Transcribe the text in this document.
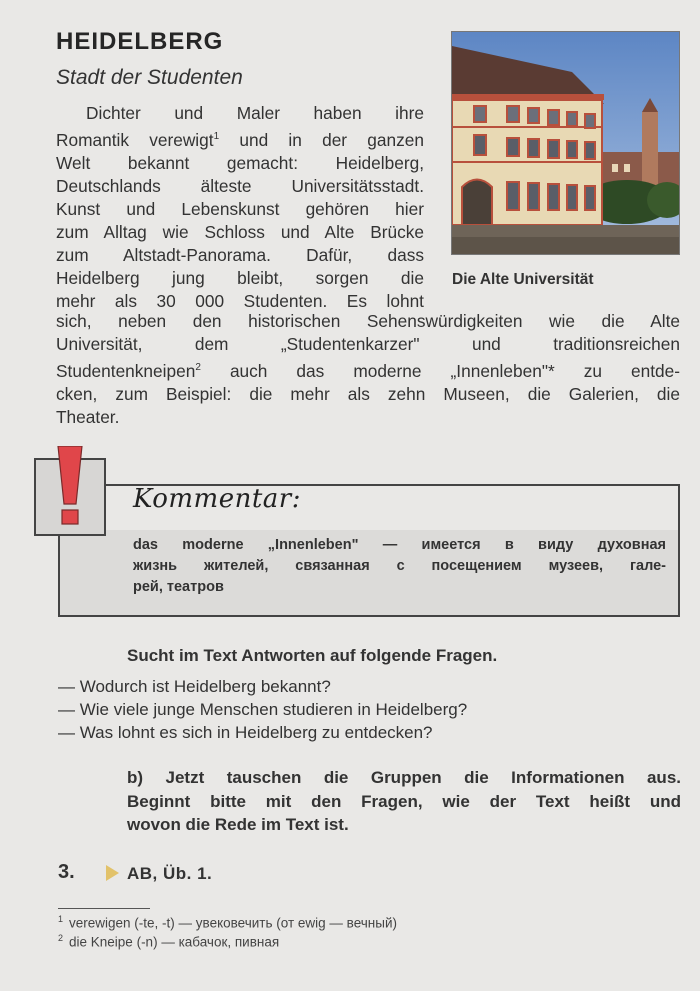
HEIDELBERG
Stadt der Studenten
Dichter und Maler haben ihre
Romantik verewigt$^1$ und in der ganzen
Welt bekannt gemacht: Heidelberg,
Deutschlands älteste Universitätsstadt.
Kunst und Lebenskunst gehören hier
zum Alltag wie Schloss und Alte Brücke
zum Altstadt-Panorama. Dafür, dass
Heidelberg jung bleibt, sorgen die
mehr als 30 000 Studenten. Es lohnt
sich, neben den historischen Sehenswürdigkeiten wie die Alte
Universität, dem „Studentenkarzer" und traditionsreichen
Studentenkneipen$^2$ auch das moderne „Innenleben"* zu entde-
cken, zum Beispiel: die mehr als zehn Museen, die Galerien, die
Theater.
Die Alte Universität
Kommentar:
das moderne „Innenleben" — имеется в виду духовная
жизнь жителей, связанная с посещением музеев, гале-
рей, театров
Sucht im Text Antworten auf folgende Fragen.
— Wodurch ist Heidelberg bekannt?
— Wie viele junge Menschen studieren in Heidelberg?
— Was lohnt es sich in Heidelberg zu entdecken?
b) Jetzt tauschen die Gruppen die Informationen aus.
Beginnt bitte mit den Fragen, wie der Text heißt und
wovon die Rede im Text ist.
3.	AB, Üb. 1.
$^1$ verewigen (-te, -t) — увековечить (от ewig — вечный)
$^2$ die Kneipe (-n) — кабачок, пивная
